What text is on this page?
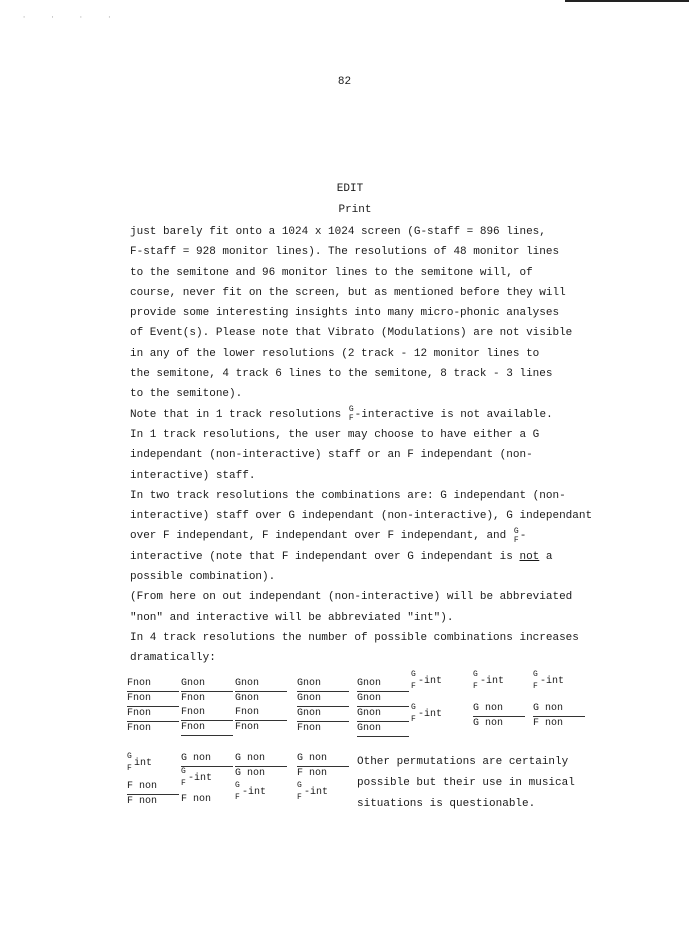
· · · ·
82
EDIT
Print
just barely fit onto a 1024 x 1024 screen (G-staff = 896 lines,
F-staff = 928 monitor lines). The resolutions of 48 monitor lines
to the semitone and 96 monitor lines to the semitone will, of
course, never fit on the screen, but as mentioned before they will
provide some interesting insights into many micro-phonic analyses
of Event(s). Please note that Vibrato (Modulations) are not visible
in any of the lower resolutions (2 track - 12 monitor lines to
the semitone, 4 track 6 lines to the semitone, 8 track - 3 lines
to the semitone).
Note that in 1 track resolutions G
F -interactive is not available.
In 1 track resolutions, the user may choose to have either a G
independant (non-interactive) staff or an F independant (non-
interactive) staff.
In two track resolutions the combinations are: G independant (non-
interactive) staff over G independant (non-interactive), G independant
over F independant, F independant over F independant, and G
F -
interactive (note that F independant over G independant is not a
possible combination).
(From here on out independant (non-interactive) will be abbreviated
"non" and interactive will be abbreviated "int").
In 4 track resolutions the number of possible combinations increases
dramatically:
Fnon
Fnon
Fnon
Fnon
Gnon
Fnon
Fnon
Fnon
Gnon
Gnon
Fnon
Fnon
Gnon
Gnon
Gnon
Fnon
Gnon
Gnon
Gnon
Gnon
G
-int
F
G
-int
F
G
-int
F
G non
G non
G
-int
F
G non
F non
G
int
F
F non
F non
G non
G
-int
F
F non
G non
G non
G
-int
F
G non
F non
G
-int
F
Other permutations are certainly
possible but their use in musical
situations is questionable.
